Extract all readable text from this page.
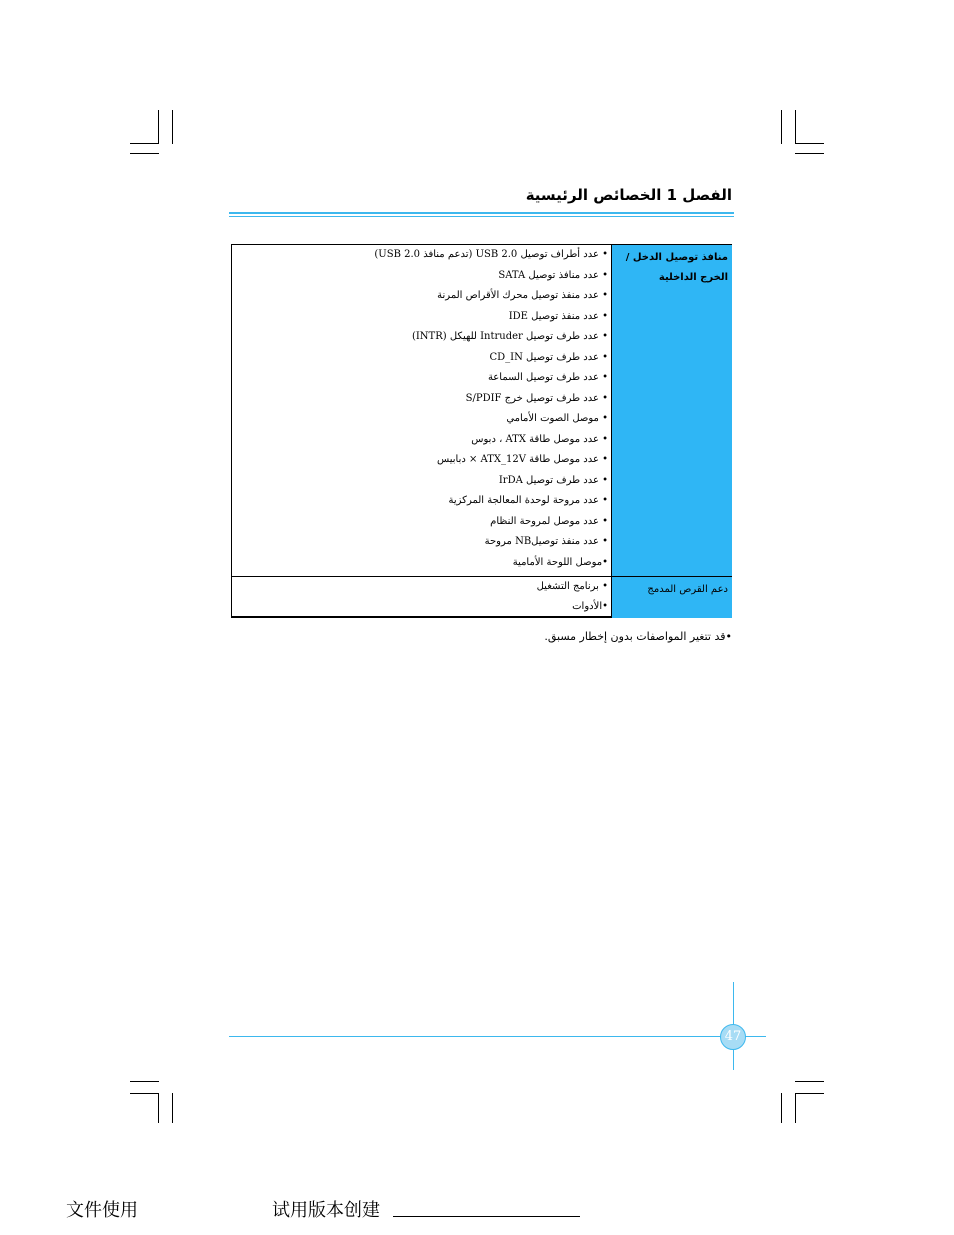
الفصل 1 الخصائص الرئيسية
منافذ توصيل الدخل / الخرج الداخلية
• عدد أطراف توصيل USB 2.0 (تدعم منافذ USB 2.0)
• عدد منافذ توصيل SATA
• عدد منفذ توصيل محرك الأقراص المرنة
• عدد منفذ توصيل IDE
• عدد طرف توصيل Intruder للهيكل (INTR)
• عدد طرف توصيل CD_IN
• عدد طرف توصيل السماعة
• عدد طرف توصيل خرج S/PDIF
• موصل الصوت الأمامي
• عدد موصل طاقة ATX ، دبوس
• عدد موصل طاقة ATX_12V × دبابيس
• عدد طرف توصيل IrDA
• عدد مروحة لوحدة المعالجة المركزية
• عدد موصل لمروحة النظام
• عدد منفذ توصيلNB مروحة
•موصل اللوحة الأمامية
دعم القرص المدمج
• برنامج التشغيل
•الأدوات
•قد تتغير المواصفات بدون إخطار مسبق.
47
文件使用	试用版本创建
